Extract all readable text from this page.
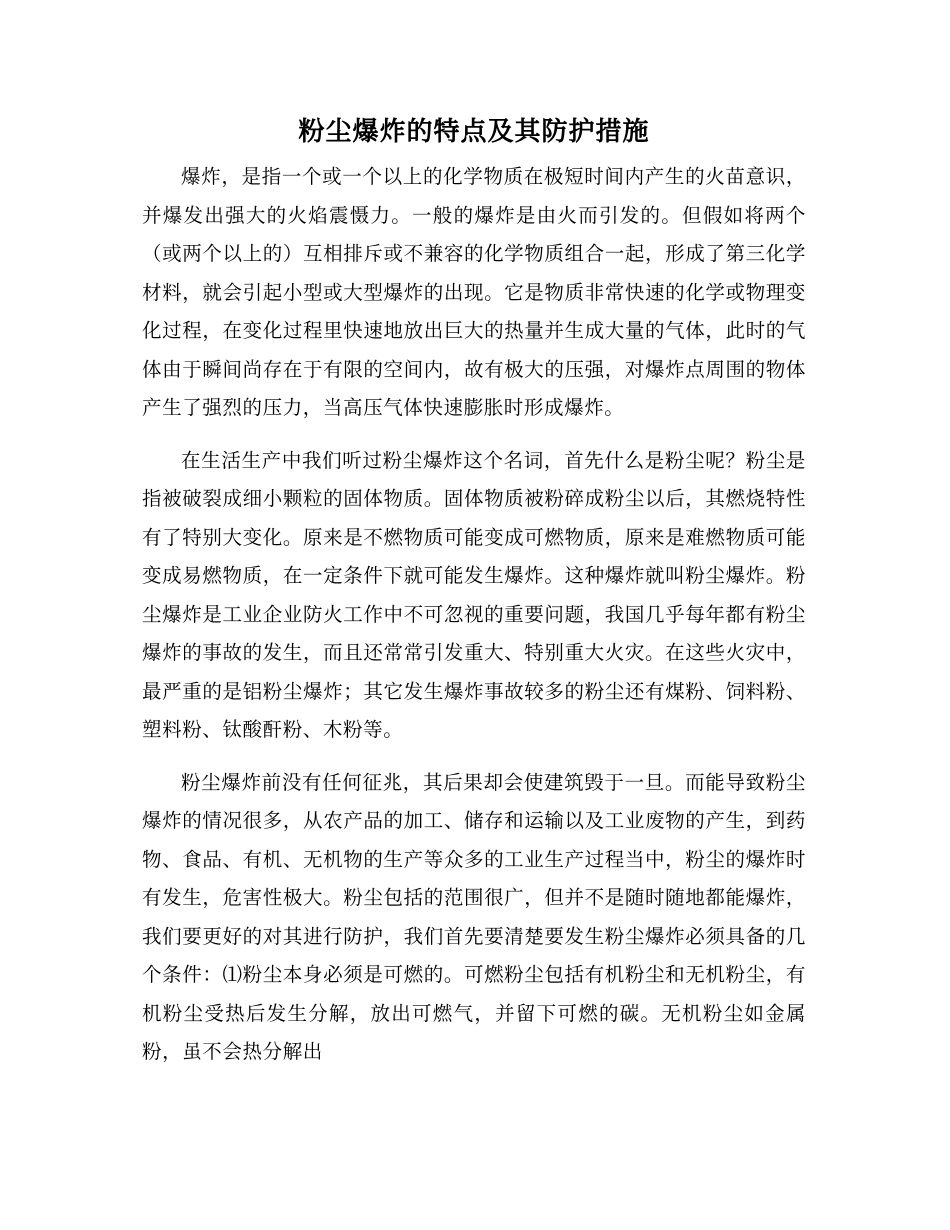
粉尘爆炸的特点及其防护措施

爆炸，是指一个或一个以上的化学物质在极短时间内产生的火苗意识，并爆发出强大的火焰震慑力。一般的爆炸是由火而引发的。但假如将两个（或两个以上的）互相排斥或不兼容的化学物质组合一起，形成了第三化学材料，就会引起小型或大型爆炸的出现。它是物质非常快速的化学或物理变化过程，在变化过程里快速地放出巨大的热量并生成大量的气体，此时的气体由于瞬间尚存在于有限的空间内，故有极大的压强，对爆炸点周围的物体产生了强烈的压力，当高压气体快速膨胀时形成爆炸。

在生活生产中我们听过粉尘爆炸这个名词，首先什么是粉尘呢？粉尘是指被破裂成细小颗粒的固体物质。固体物质被粉碎成粉尘以后，其燃烧特性有了特别大变化。原来是不燃物质可能变成可燃物质，原来是难燃物质可能变成易燃物质，在一定条件下就可能发生爆炸。这种爆炸就叫粉尘爆炸。粉尘爆炸是工业企业防火工作中不可忽视的重要问题，我国几乎每年都有粉尘爆炸的事故的发生，而且还常常引发重大、特别重大火灾。在这些火灾中，最严重的是铝粉尘爆炸；其它发生爆炸事故较多的粉尘还有煤粉、饲料粉、塑料粉、钛酸酐粉、木粉等。

粉尘爆炸前没有任何征兆，其后果却会使建筑毁于一旦。而能导致粉尘爆炸的情况很多，从农产品的加工、储存和运输以及工业废物的产生，到药物、食品、有机、无机物的生产等众多的工业生产过程当中，粉尘的爆炸时有发生，危害性极大。粉尘包括的范围很广，但并不是随时随地都能爆炸，我们要更好的对其进行防护，我们首先要清楚要发生粉尘爆炸必须具备的几个条件：⑴粉尘本身必须是可燃的。可燃粉尘包括有机粉尘和无机粉尘，有机粉尘受热后发生分解，放出可燃气，并留下可燃的碳。无机粉尘如金属粉，虽不会热分解出
